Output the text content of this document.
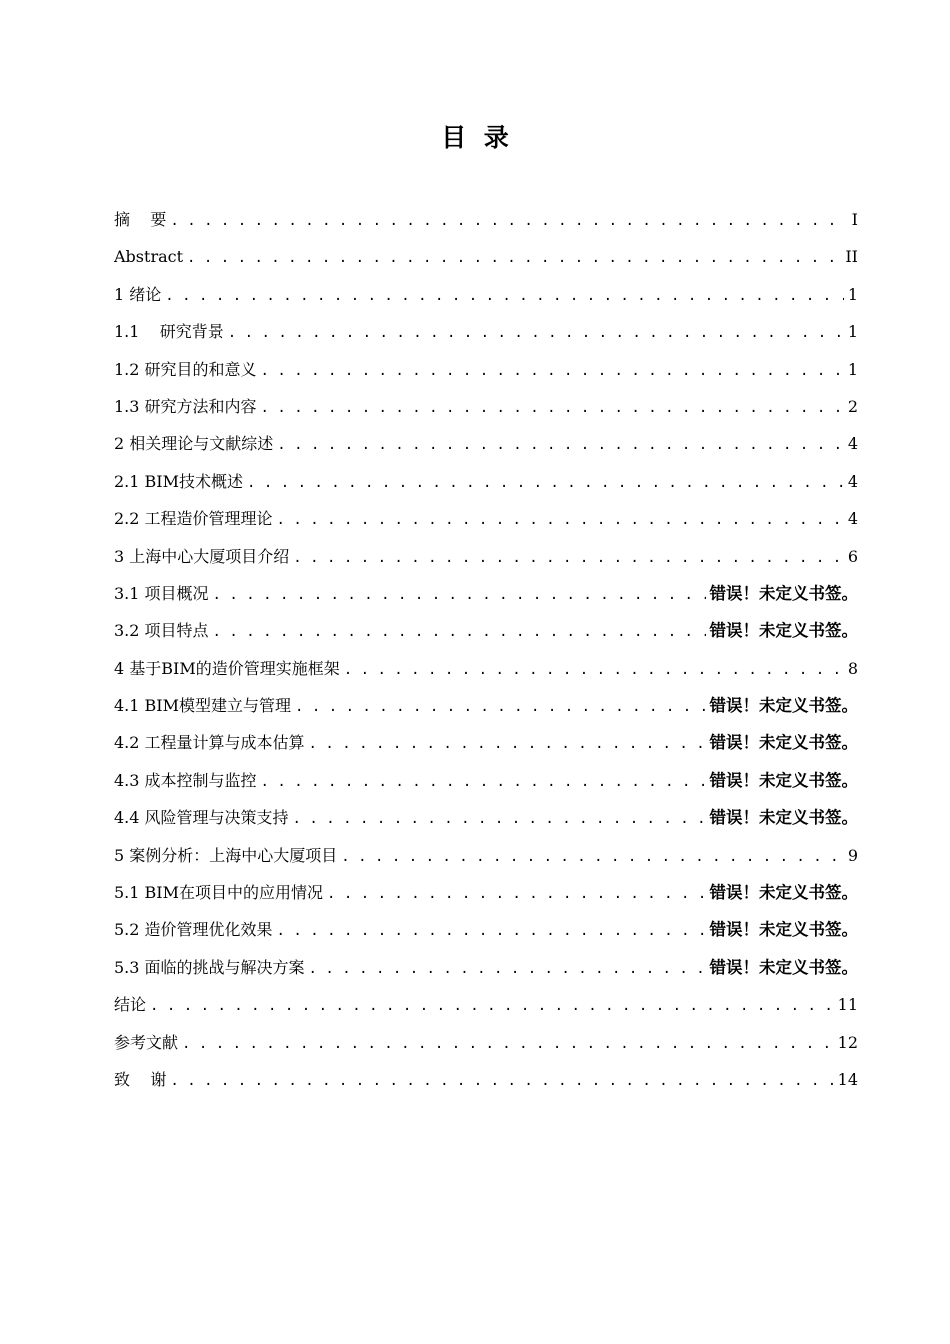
目  录
摘    要 . . .	I
Abstract . . .	II
1 绪论 . . .	1
1.1    研究背景 . . .	1
1.2 研究目的和意义 . . .	1
1.3 研究方法和内容 . . .	2
2 相关理论与文献综述 . . .	4
2.1 BIM技术概述 . . .	4
2.2 工程造价管理理论 . . .	4
3 上海中心大厦项目介绍 . . .	6
3.1 项目概况 . . .	错误！未定义书签。
3.2 项目特点 . . .	错误！未定义书签。
4 基于BIM的造价管理实施框架 . . .	8
4.1 BIM模型建立与管理 . . .	错误！未定义书签。
4.2 工程量计算与成本估算 . . .	错误！未定义书签。
4.3 成本控制与监控 . . .	错误！未定义书签。
4.4 风险管理与决策支持 . . .	错误！未定义书签。
5 案例分析：上海中心大厦项目 . . .	9
5.1 BIM在项目中的应用情况 . . .	错误！未定义书签。
5.2 造价管理优化效果 . . .	错误！未定义书签。
5.3 面临的挑战与解决方案 . . .	错误！未定义书签。
结论 . . .	11
参考文献 . . .	12
致    谢 . . .	14
